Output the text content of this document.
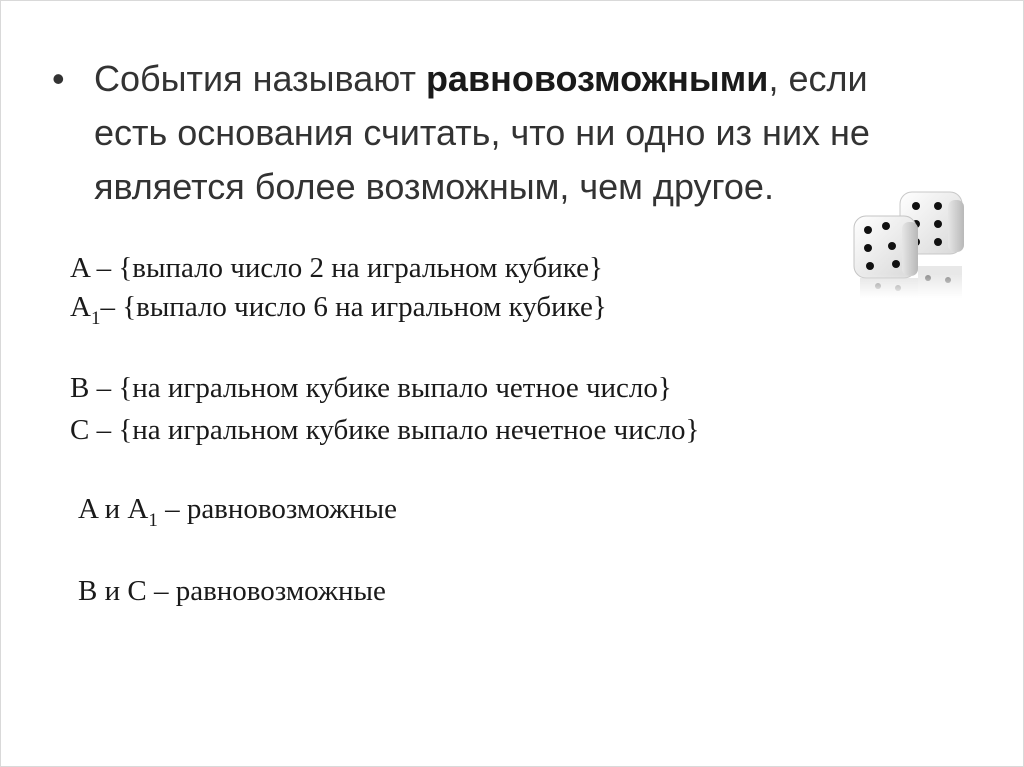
• События называют равновозможными, если
есть основания считать, что ни одно из них не
является более возможным, чем другое.
A – {выпало число 2 на игральном кубике}
$A_1-$ {выпало число 6 на игральном кубике}
B – {на игральном кубике выпало четное число}
C – {на игральном кубике выпало нечетное число}
A и $A_1$ – равновозможные
B и C – равновозможные
